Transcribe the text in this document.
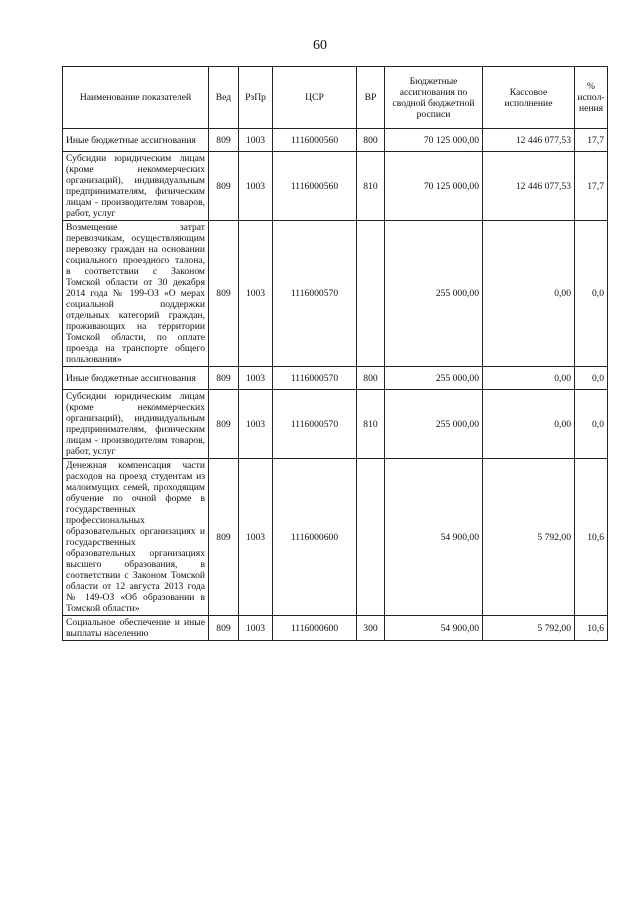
60
Наименование показателей	Вед	РзПр	ЦСР	ВР	Бюджетные ассигнования по сводной бюджетной росписи	Кассовое исполнение	% испол-нения
Иные бюджетные ассигнования	809	1003	1116000560	800	70 125 000,00	12 446 077,53	17,7
Субсидии юридическим лицам (кроме некоммерческих организаций), индивидуальным предпринимателям, физическим лицам - производителям товаров, работ, услуг	809	1003	1116000560	810	70 125 000,00	12 446 077,53	17,7
Возмещение затрат перевозчикам, осуществляющим перевозку граждан на основании социального проездного талона, в соответствии с Законом Томской области от 30 декабря 2014 года № 199-ОЗ «О мерах социальной поддержки отдельных категорий граждан, проживающих на территории Томской области, по оплате проезда на транспорте общего пользования»	809	1003	1116000570		255 000,00	0,00	0,0
Иные бюджетные ассигнования	809	1003	1116000570	800	255 000,00	0,00	0,0
Субсидии юридическим лицам (кроме некоммерческих организаций), индивидуальным предпринимателям, физическим лицам - производителям товаров, работ, услуг	809	1003	1116000570	810	255 000,00	0,00	0,0
Денежная компенсация части расходов на проезд студентам из малоимущих семей, проходящим обучение по очной форме в государственных профессиональных образовательных организациях и государственных образовательных организациях высшего образования, в соответствии с Законом Томской области от 12 августа 2013 года № 149-ОЗ «Об образовании в Томской области»	809	1003	1116000600		54 900,00	5 792,00	10,6
Социальное обеспечение и иные выплаты населению	809	1003	1116000600	300	54 900,00	5 792,00	10,6
